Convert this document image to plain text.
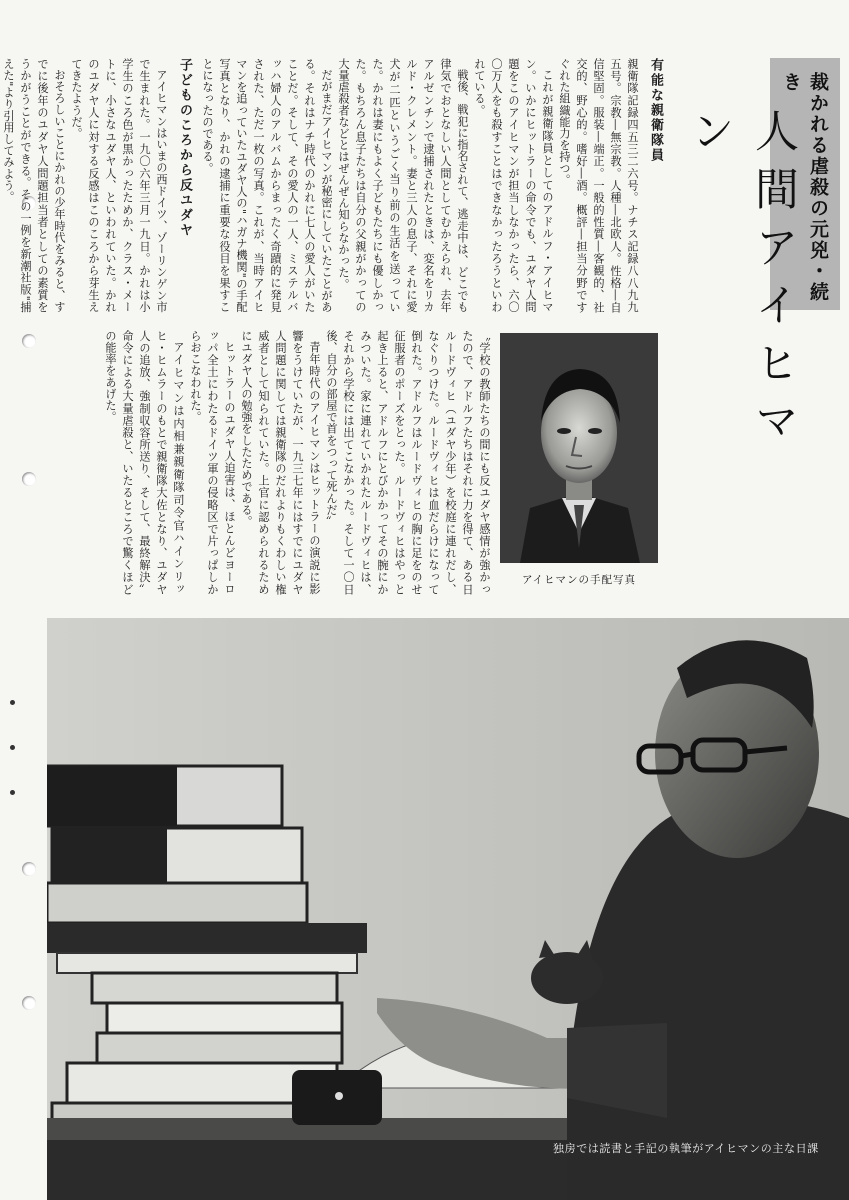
裁かれる虐殺の元兇・続き
人間アイヒマン
有能な親衛隊員

親衛隊記録四五三二六号。ナチス記録八八九九五号。宗教―無宗教。人種―北欧人。性格―自信堅固。服装―端正。一般的性質―客観的、社交的、野心的。嗜好―酒。概評―担当分野ですぐれた組織能力を持つ。

これが親衛隊員としてのアドルフ・アイヒマン。いかにヒットラーの命令でも、ユダヤ人問題をこのアイヒマンが担当しなかったら、六〇〇万人をも殺すことはできなかったろうといわれている。

戦後、戦犯に指名されて、逃走中は、どこでも律気でおとなしい人間としてむかえられ、去年アルゼンチンで逮捕されたときは、変名をリカルド・クレメント。妻と三人の息子、それに愛犬が二匹というごく当り前の生活を送っていた。かれは妻にもよく子どもたちにも優しかった。もちろん息子たちは自分の父親がかっての大量虐殺者などとはぜんぜん知らなかった。

だがまだアイヒマンが秘密にしていたことがある。それはナチ時代のかれに七人の愛人がいたことだ。そして、その愛人の一人、ミステルバッハ婦人のアルバムからまったく奇蹟的に発見された、ただ一枚の写真。これが、当時アイヒマンを追っていたユダヤ人の"ハガナ機関"の手配写真となり、かれの逮捕に重要な役目を果すことになったのである。

子どものころから反ユダヤ

アイヒマンはいまの西ドイツ、ゾーリンゲン市で生まれた。一九〇六年三月一九日。かれは小学生のころ色が黒かったためか、クラス・メートに、小さなユダヤ人、といわれていた。かれのユダヤ人に対する反感はこのころから芽生えてきたようだ。

おそろしいことにかれの少年時代をみると、すでに後年のユダヤ人問題担当者としての素質をうかがうことができる。その一例を新潮社版"捕えた"より引用してみよう。

〝学校の教師たちの間にも反ユダヤ感情が強かったので、アドルフたちはそれに力を得て、ある日ルードヴィヒ（ユダヤ少年）を校庭に連れだし、なぐりつけた。ルードヴィヒは血だらけになって倒れた。アドルフはルードヴィヒの胸に足をのせ征服者のポーズをとった。ルードヴィヒはやっと起き上ると、アドルフにとびかかってその腕にかみついた。家に連れていかれたルードヴィヒは、それから学校には出てこなかった。そして一〇日後、自分の部屋で首をつって死んだ〟

青年時代のアイヒマンはヒットラーの演説に影響をうけていたが、一九三七年にはすでにユダヤ人問題に関しては親衛隊のだれよりもくわしい権威者として知られていた。上官に認められるためにユダヤ人の勉強をしたためである。

ヒットラーのユダヤ人迫害は、ほとんどヨーロッパ全土にわたるドイツ軍の侵略区で片っぱしからおこなわれた。

アイヒマンは内相兼親衛隊司令官ハインリッヒ・ヒムラーのもとで親衛隊大佐となり、ユダヤ人の追放、強制収容所送り、そして、最終解決〟命令による大量虐殺と、いたるところで驚くほどの能率をあげた。

アイヒマンの手配写真
独房では読書と手記の執筆がアイヒマンの主な日課
